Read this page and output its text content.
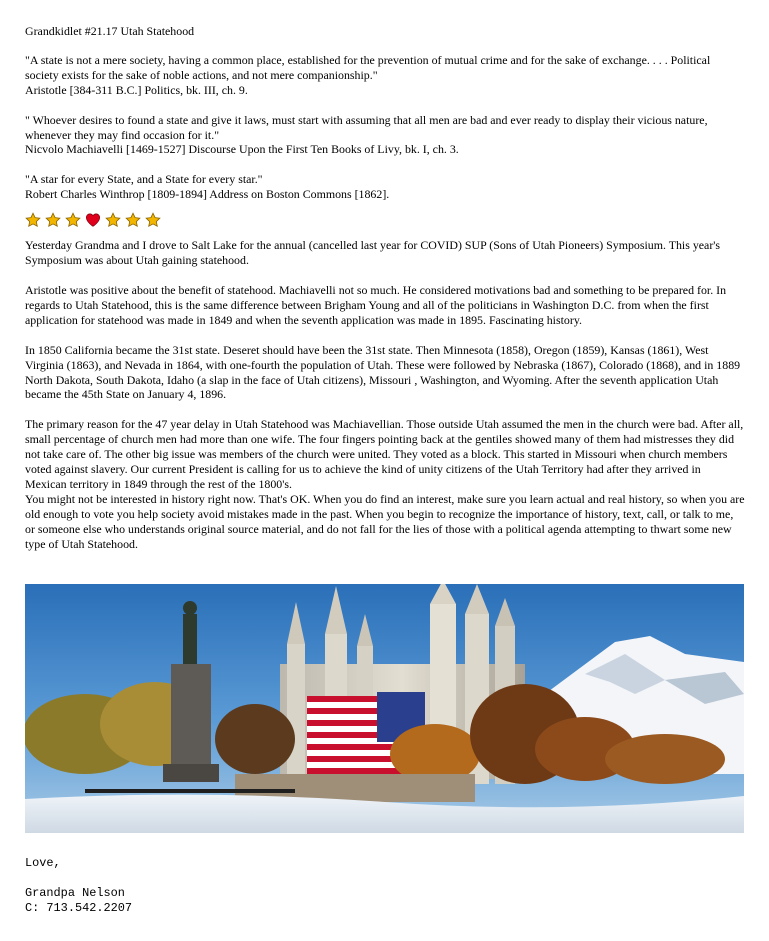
Grandkidlet #21.17 Utah Statehood

"A state is not a mere society, having a common place, established for the prevention of mutual crime and for the sake of exchange. . . . Political society exists for the sake of noble actions, and not mere companionship."

Aristotle [384-311 B.C.] Politics, bk. III, ch. 9.

" Whoever desires to found a state and give it laws, must start with assuming that all men are bad and ever ready to display their vicious nature, whenever they may find occasion for it."

Nicvolo Machiavelli [1469-1527] Discourse Upon the First Ten Books of Livy, bk. I, ch. 3.

"A star for every State, and a State for every star."

Robert Charles Winthrop [1809-1894] Address on Boston Commons [1862].

Yesterday Grandma and I drove to Salt Lake for the annual (cancelled last year for COVID) SUP (Sons of Utah Pioneers) Symposium. This year's Symposium was about Utah gaining statehood.

Aristotle was positive about the benefit of statehood. Machiavelli not so much. He considered motivations bad and something to be prepared for. In regards to Utah Statehood, this is the same difference between Brigham Young and all of the politicians in Washington D.C. from when the first application for statehood was made in 1849 and when the seventh application was made in 1895. Fascinating history.

In 1850 California became the 31st state. Deseret should have been the 31st state. Then Minnesota (1858), Oregon (1859), Kansas (1861), West Virginia (1863), and Nevada in 1864, with one-fourth the population of Utah. These were followed by Nebraska (1867), Colorado (1868), and in 1889 North Dakota, South Dakota, Idaho (a slap in the face of Utah citizens), Missouri , Washington, and Wyoming. After the seventh application Utah became the 45th State on January 4, 1896.

The primary reason for the 47 year delay in Utah Statehood was Machiavellian. Those outside Utah assumed the men in the church were bad. After all, small percentage of church men had more than one wife. The four fingers pointing back at the gentiles showed many of them had mistresses they did not take care of. The other big issue was members of the church were united. They voted as a block. This started in Missouri when church members voted against slavery. Our current President is calling for us to achieve the kind of unity citizens of the Utah Territory had after they arrived in Mexican territory in 1849 through the rest of the 1800's.

You might not be interested in history right now. That's OK. When you do find an interest, make sure you learn actual and real history, so when you are old enough to vote you help society avoid mistakes made in the past. When you begin to recognize the importance of history, text, call, or talk to me, or someone else who understands original source material, and do not fall for the lies of those with a political agenda attempting to thwart some new type of Utah Statehood.

Love,

Grandpa Nelson

C: 713.542.2207
